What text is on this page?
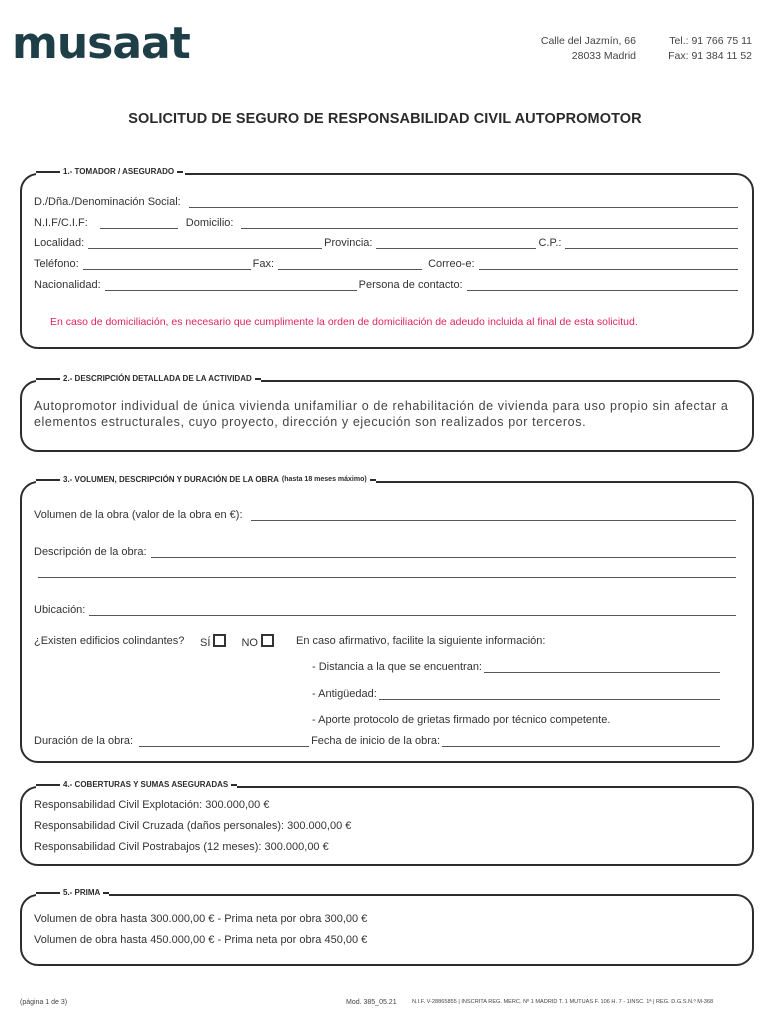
musaat	Calle del Jazmín, 66
28033 Madrid
Tel.: 91 766 75 11
Fax: 91 384 11 52
SOLICITUD DE SEGURO DE RESPONSABILIDAD CIVIL AUTOPROMOTOR
1.- TOMADOR / ASEGURADO
D./Dña./Denominación Social:
N.I.F/C.I.F:	Domicilio:
Localidad:	Provincia:	C.P.:
Teléfono:	Fax:	Correo-e:
Nacionalidad:	Persona de contacto:
En caso de domiciliación, es necesario que cumplimente la orden de domiciliación de adeudo incluida al final de esta solicitud.
2.- DESCRIPCIÓN DETALLADA DE LA ACTIVIDAD
Autopromotor individual de única vivienda unifamiliar o de rehabilitación de vivienda para uso propio sin afectar a elementos estructurales, cuyo proyecto, dirección y ejecución son realizados por terceros.
3.- VOLUMEN, DESCRIPCIÓN Y DURACIÓN DE LA OBRA (hasta 18 meses máximo)
Volumen de la obra (valor de la obra en €):
Descripción de la obra:
Ubicación:
¿Existen edificios colindantes? SÍ	NO	En caso afirmativo, facilite la siguiente información:
- Distancia a la que se encuentran:
- Antigüedad:
- Aporte protocolo de grietas firmado por técnico competente.
Duración de la obra:	Fecha de inicio de la obra:
4.- COBERTURAS Y SUMAS ASEGURADAS
Responsabilidad Civil Explotación: 300.000,00 €
Responsabilidad Civil Cruzada (daños personales): 300.000,00 €
Responsabilidad Civil Postrabajos (12 meses): 300.000,00 €
5.- PRIMA
Volumen de obra hasta 300.000,00 € - Prima neta por obra 300,00 €
Volumen de obra hasta 450.000,00 € - Prima neta por obra 450,00 €
(página 1 de 3)	Mod. 385_05.21	N.I.F. V-28865855 | INSCRITA REG. MERC. Nº 1 MADRID T. 1 MUTUAS F. 106 H. 7 - 1INSC. 1ª | REG. D.G.S.N.º M-368
